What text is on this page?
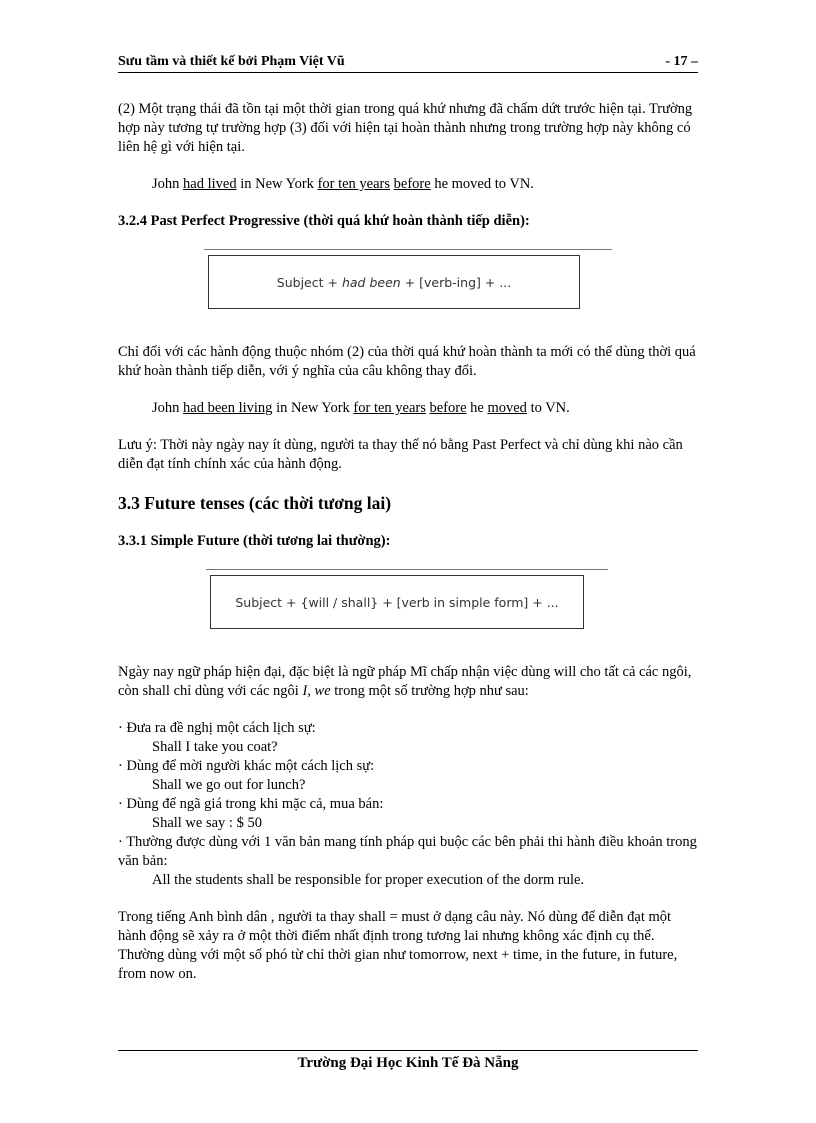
Sưu tầm và thiết kế bởi Phạm Việt Vũ	- 17 –

(2) Một trạng thái đã tồn tại một thời gian trong quá khứ nhưng đã chấm dứt trước hiện tại. Trường hợp này tương tự trường hợp (3) đối với hiện tại hoàn thành nhưng trong trường hợp này không có liên hệ gì với hiện tại.

John had lived in New York for ten years before he moved to VN.

3.2.4 Past Perfect Progressive (thời quá khứ hoàn thành tiếp diễn):
Subject +
had been
+ [verb-ing] + ...

Chỉ đối với các hành động thuộc nhóm (2) của thời quá khứ hoàn thành ta mới có thể dùng thời quá khứ hoàn thành tiếp diễn, với ý nghĩa của câu không thay đổi.

John had been living in New York for ten years before he moved to VN.

Lưu ý: Thời này ngày nay ít dùng, người ta thay thế nó bằng Past Perfect và chỉ dùng khi nào cần diễn đạt tính chính xác của hành động.

3.3 Future tenses (các thời tương lai)
3.3.1 Simple Future (thời tương lai thường):
Subject + {will / shall} + [verb in simple form] + ...

Ngày nay ngữ pháp hiện đại, đặc biệt là ngữ pháp Mĩ chấp nhận việc dùng will cho tất cả các ngôi, còn shall chỉ dùng với các ngôi I, we trong một số trường hợp như sau:

· Đưa ra đề nghị một cách lịch sự:

Shall I take you coat?

· Dùng để mời người khác một cách lịch sự:

Shall we go out for lunch?

· Dùng để ngã giá trong khi mặc cả, mua bán:

Shall we say : $ 50

· Thường được dùng với 1 văn bản mang tính pháp qui buộc các bên phải thi hành điều khoản trong văn bản:

All the students shall be responsible for proper execution of the dorm rule.

Trong tiếng Anh bình dân , người ta thay shall = must ở dạng câu này. Nó dùng để diễn đạt một hành động sẽ xảy ra ở một thời điểm nhất định trong tương lai nhưng không xác định cụ thể. Thường dùng với một số phó từ chỉ thời gian như tomorrow, next + time, in the future, in future, from now on.

Trường Đại Học Kinh Tế Đà Nẵng
